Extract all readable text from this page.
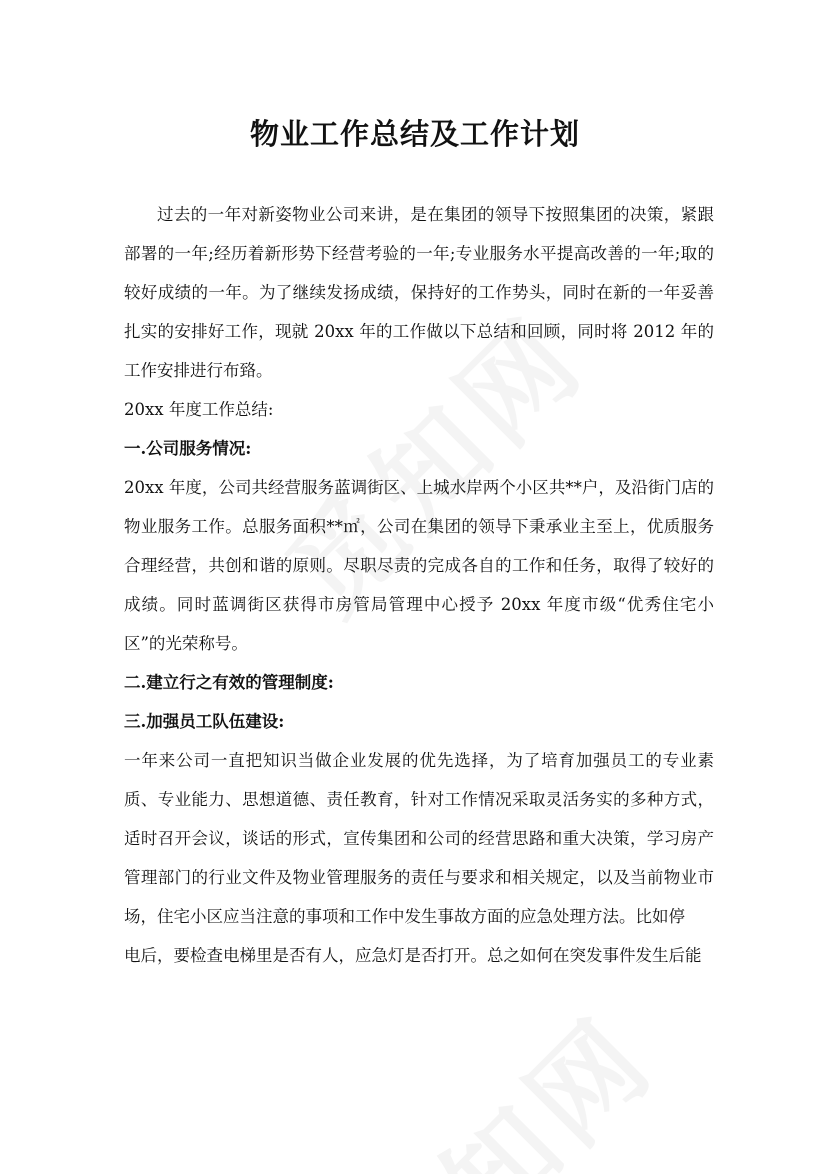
物业工作总结及工作计划

过去的一年对新姿物业公司来讲，是在集团的领导下按照集团的决策，紧跟部署的一年;经历着新形势下经营考验的一年;专业服务水平提高改善的一年;取的较好成绩的一年。为了继续发扬成绩，保持好的工作势头，同时在新的一年妥善扎实的安排好工作，现就 20xx 年的工作做以下总结和回顾，同时将 2012 年的工作安排进行布臵。

20xx 年度工作总结:

一.公司服务情况:

20xx 年度，公司共经营服务蓝调街区、上城水岸两个小区共**户，及沿街门店的物业服务工作。总服务面积**㎡，公司在集团的领导下秉承业主至上，优质服务合理经营，共创和谐的原则。尽职尽责的完成各自的工作和任务，取得了较好的成绩。同时蓝调街区获得市房管局管理中心授予 20xx 年度市级“优秀住宅小区”的光荣称号。

二.建立行之有效的管理制度:

三.加强员工队伍建设:

一年来公司一直把知识当做企业发展的优先选择，为了培育加强员工的专业素质、专业能力、思想道德、责任教育，针对工作情况采取灵活务实的多种方式，适时召开会议，谈话的形式，宣传集团和公司的经营思路和重大决策，学习房产管理部门的行业文件及物业管理服务的责任与要求和相关规定，以及当前物业市场，住宅小区应当注意的事项和工作中发生事故方面的应急处理方法。比如停

电后，要检查电梯里是否有人，应急灯是否打开。总之如何在突发事件发生后能
